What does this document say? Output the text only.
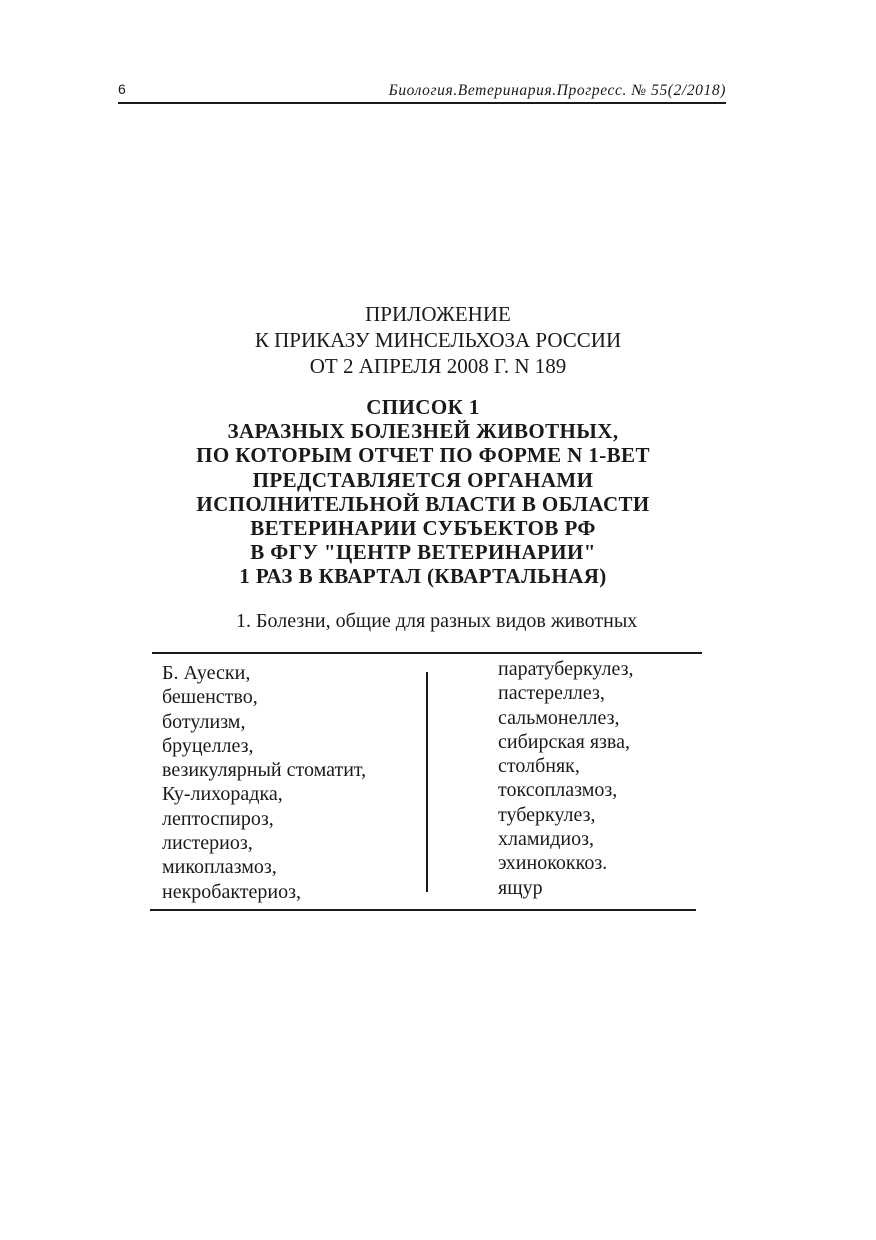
6	Биология.Ветеринария.Прогресс. № 55(2/2018)
ПРИЛОЖЕНИЕ
К ПРИКАЗУ МИНСЕЛЬХОЗА РОССИИ
ОТ 2 АПРЕЛЯ 2008 Г. N 189
СПИСОК 1
ЗАРАЗНЫХ БОЛЕЗНЕЙ ЖИВОТНЫХ,
ПО КОТОРЫМ ОТЧЕТ ПО ФОРМЕ N 1-ВЕТ
ПРЕДСТАВЛЯЕТСЯ ОРГАНАМИ
ИСПОЛНИТЕЛЬНОЙ ВЛАСТИ В ОБЛАСТИ
ВЕТЕРИНАРИИ СУБЪЕКТОВ РФ
В ФГУ "ЦЕНТР ВЕТЕРИНАРИИ"
1 РАЗ В КВАРТАЛ (КВАРТАЛЬНАЯ)
1. Болезни, общие для разных видов животных
Б. Ауески,
бешенство,
ботулизм,
бруцеллез,
везикулярный стоматит,
Ку-лихорадка,
лептоспироз,
листериоз,
микоплазмоз,
некробактериоз,
паратуберкулез,
пастереллез,
сальмонеллез,
сибирская язва,
столбняк,
токсоплазмоз,
туберкулез,
хламидиоз,
эхинококкоз.
ящур
